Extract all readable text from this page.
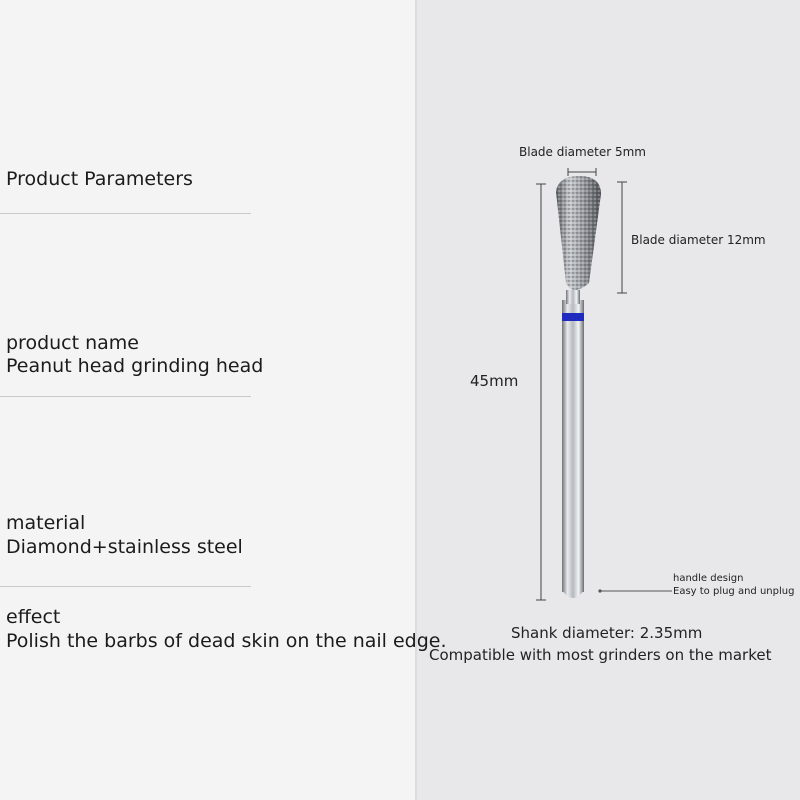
Product Parameters
product name
Peanut head grinding head
material
Diamond+stainless steel
effect
Polish the barbs of dead skin on the nail edge.
Blade diameter 5mm
Blade diameter 12mm
45mm
handle design
Easy to plug and unplug
Shank diameter: 2.35mm
Compatible with most grinders on the market
